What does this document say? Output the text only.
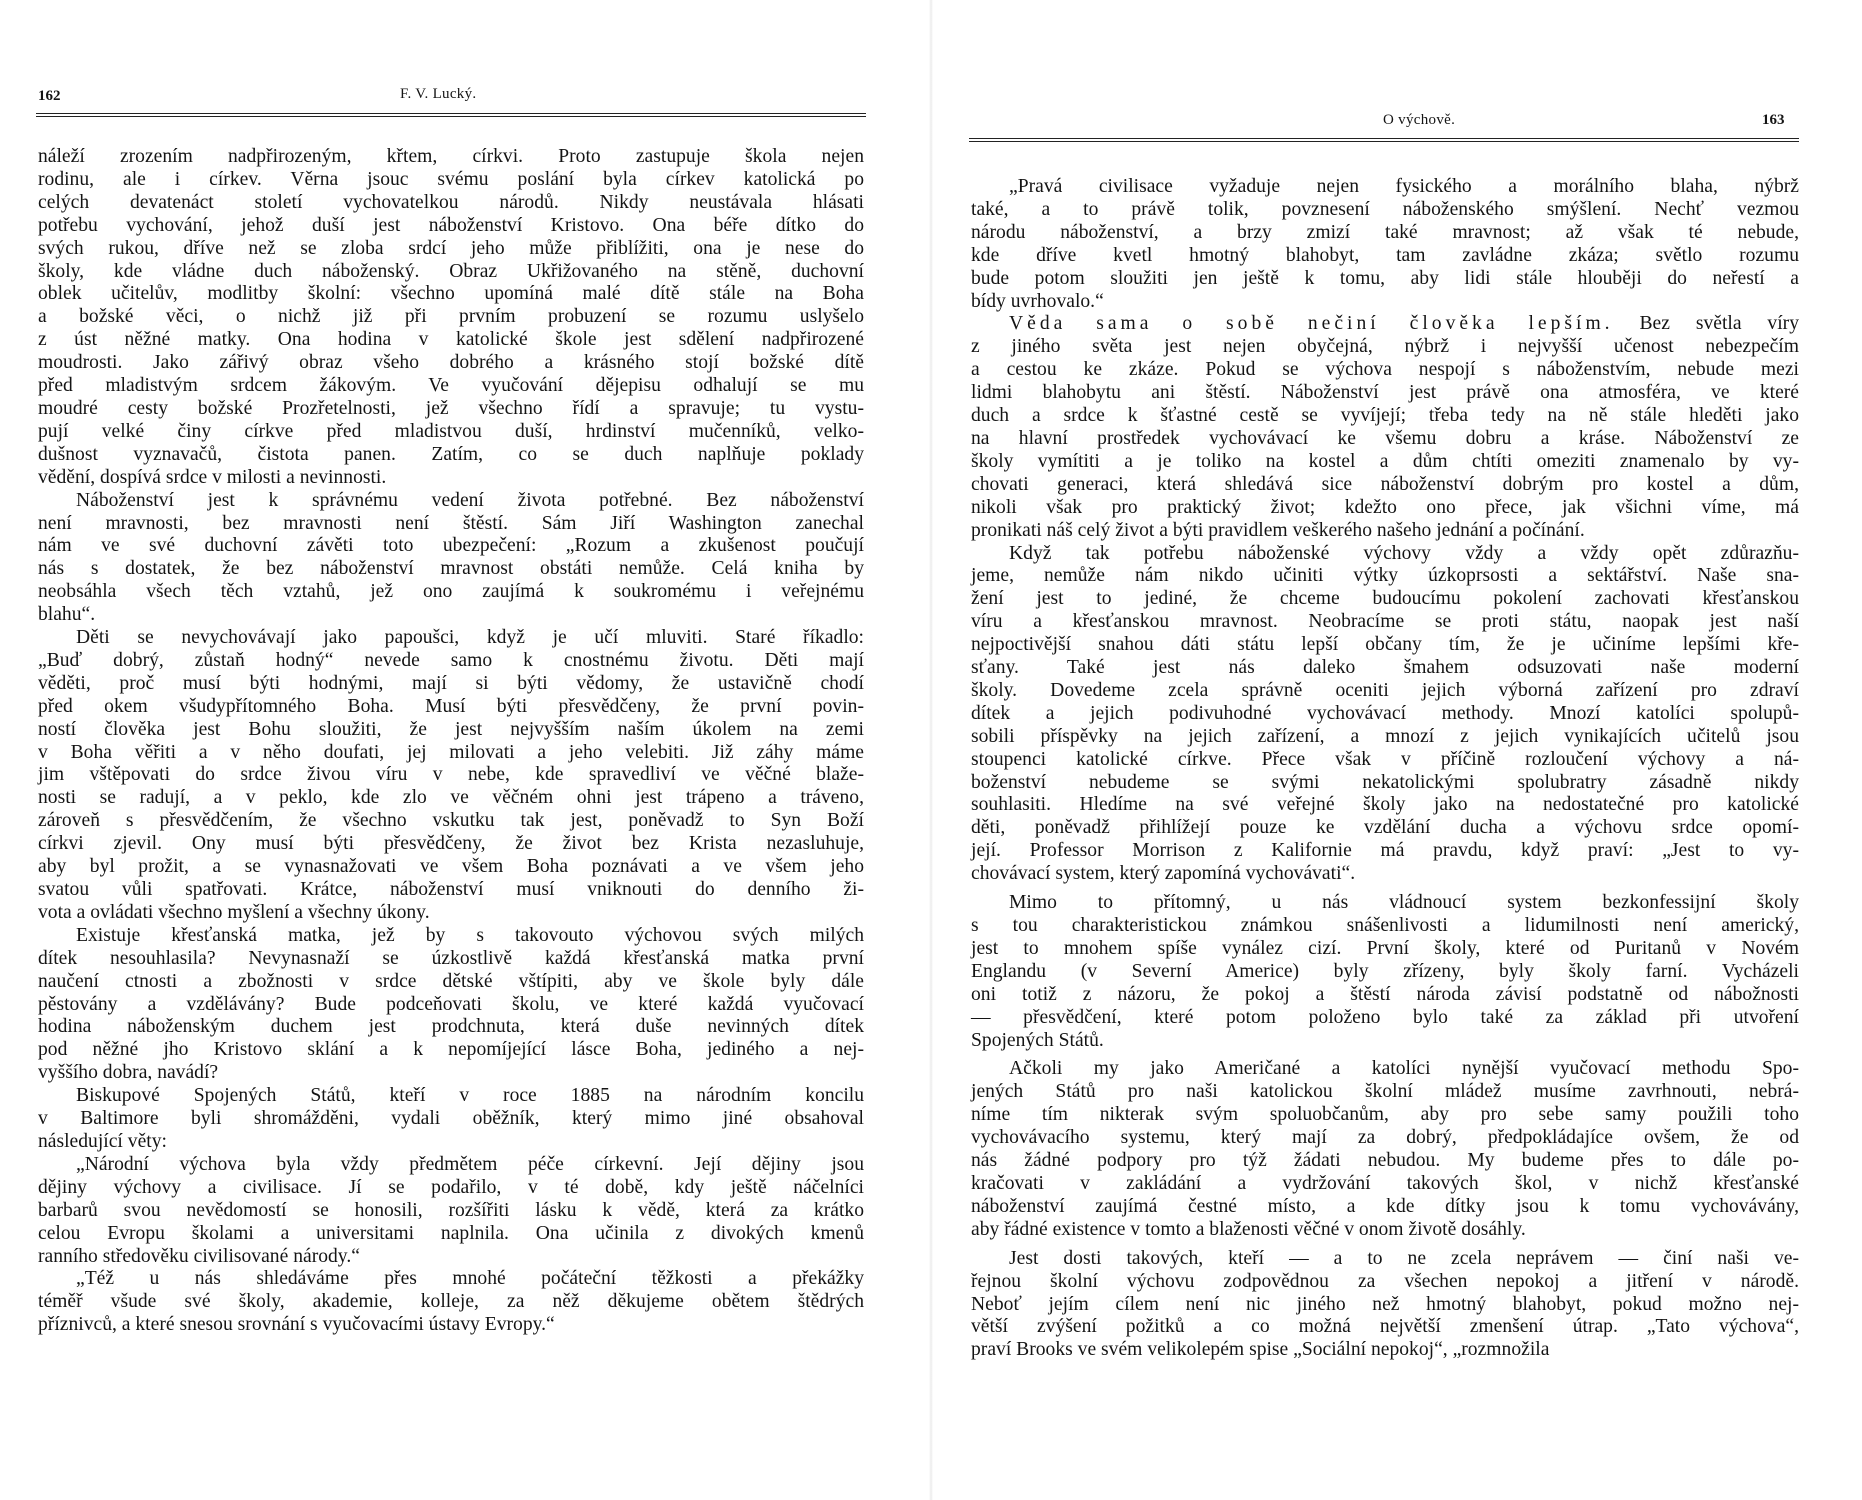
162	F. V. Lucký.
náleží zrozením nadpřirozeným, křtem, církvi. Proto zastupuje škola nejen
rodinu, ale i církev. Věrna jsouc svému poslání byla církev katolická po
celých devatenáct století vychovatelkou národů. Nikdy neustávala hlásati
potřebu vychování, jehož duší jest náboženství Kristovo. Ona béře dítko do
svých rukou, dříve než se zloba srdcí jeho může přiblížiti, ona je nese do
školy, kde vládne duch náboženský. Obraz Ukřižovaného na stěně, duchovní
oblek učitelův, modlitby školní: všechno upomíná malé dítě stále na Boha
a božské věci, o nichž již při prvním probuzení se rozumu uslyšelo
z úst něžné matky. Ona hodina v katolické škole jest sdělení nadpřirozené
moudrosti. Jako zářivý obraz všeho dobrého a krásného stojí božské dítě
před mladistvým srdcem žákovým. Ve vyučování dějepisu odhalují se mu
moudré cesty božské Prozřetelnosti, jež všechno řídí a spravuje; tu vystu-
pují velké činy církve před mladistvou duší, hrdinství mučenníků, velko-
dušnost vyznavačů, čistota panen. Zatím, co se duch naplňuje poklady
vědění, dospívá srdce v milosti a nevinnosti.
Náboženství jest k správnému vedení života potřebné. Bez náboženství
není mravnosti, bez mravnosti není štěstí. Sám Jiří Washington zanechal
nám ve své duchovní závěti toto ubezpečení: „Rozum a zkušenost poučují
nás s dostatek, že bez náboženství mravnost obstáti nemůže. Celá kniha by
neobsáhla všech těch vztahů, jež ono zaujímá k soukromému i veřejnému
blahu“.
Děti se nevychovávají jako papoušci, když je učí mluviti. Staré říkadlo:
„Buď dobrý, zůstaň hodný“ nevede samo k cnostnému životu. Děti mají
věděti, proč musí býti hodnými, mají si býti vědomy, že ustavičně chodí
před okem všudypřítomného Boha. Musí býti přesvědčeny, že první povin-
ností člověka jest Bohu sloužiti, že jest nejvyšším naším úkolem na zemi
v Boha věřiti a v něho doufati, jej milovati a jeho velebiti. Již záhy máme
jim vštěpovati do srdce živou víru v nebe, kde spravedliví ve věčné blaže-
nosti se radují, a v peklo, kde zlo ve věčném ohni jest trápeno a tráveno,
zároveň s přesvědčením, že všechno vskutku tak jest, poněvadž to Syn Boží
církvi zjevil. Ony musí býti přesvědčeny, že život bez Krista nezasluhuje,
aby byl prožit, a se vynasnažovati ve všem Boha poznávati a ve všem jeho
svatou vůli spatřovati. Krátce, náboženství musí vniknouti do denního ži-
vota a ovládati všechno myšlení a všechny úkony.
Existuje křesťanská matka, jež by s takovouto výchovou svých milých
dítek nesouhlasila? Nevynasnaží se úzkostlivě každá křesťanská matka první
naučení ctnosti a zbožnosti v srdce dětské vštípiti, aby ve škole byly dále
pěstovány a vzdělávány? Bude podceňovati školu, ve které každá vyučovací
hodina náboženským duchem jest prodchnuta, která duše nevinných dítek
pod něžné jho Kristovo sklání a k nepomíjející lásce Boha, jediného a nej-
vyššího dobra, navádí?
Biskupové Spojených Států, kteří v roce 1885 na národním koncilu
v Baltimore byli shromážděni, vydali oběžník, který mimo jiné obsahoval
následující věty:
„Národní výchova byla vždy předmětem péče církevní. Její dějiny jsou
dějiny výchovy a civilisace. Jí se podařilo, v té době, kdy ještě náčelníci
barbarů svou nevědomostí se honosili, rozšířiti lásku k vědě, která za krátko
celou Evropu školami a universitami naplnila. Ona učinila z divokých kmenů
ranního středověku civilisované národy.“
„Též u nás shledáváme přes mnohé počáteční těžkosti a překážky
téměř všude své školy, akademie, kolleje, za něž děkujeme obětem štědrých
příznivců, a které snesou srovnání s vyučovacími ústavy Evropy.“
O výchově.	163
„Pravá civilisace vyžaduje nejen fysického a morálního blaha, nýbrž
také, a to právě tolik, povznesení náboženského smýšlení. Nechť vezmou
národu náboženství, a brzy zmizí také mravnost; až však té nebude,
kde dříve kvetl hmotný blahobyt, tam zavládne zkáza; světlo rozumu
bude potom sloužiti jen ještě k tomu, aby lidi stále hlouběji do neřestí a
bídy uvrhovalo.“
Věda sama o sobě nečiní člověka lepším. Bez světla víry
z jiného světa jest nejen obyčejná, nýbrž i nejvyšší učenost nebezpečím
a cestou ke zkáze. Pokud se výchova nespojí s náboženstvím, nebude mezi
lidmi blahobytu ani štěstí. Náboženství jest právě ona atmosféra, ve které
duch a srdce k šťastné cestě se vyvíjejí; třeba tedy na ně stále hleděti jako
na hlavní prostředek vychovávací ke všemu dobru a kráse. Náboženství ze
školy vymítiti a je toliko na kostel a dům chtíti omeziti znamenalo by vy-
chovati generaci, která shledává sice náboženství dobrým pro kostel a dům,
nikoli však pro praktický život; kdežto ono přece, jak všichni víme, má
pronikati náš celý život a býti pravidlem veškerého našeho jednání a počínání.
Když tak potřebu náboženské výchovy vždy a vždy opět zdůrazňu-
jeme, nemůže nám nikdo učiniti výtky úzkoprsosti a sektářství. Naše sna-
žení jest to jediné, že chceme budoucímu pokolení zachovati křesťanskou
víru a křesťanskou mravnost. Neobracíme se proti státu, naopak jest naší
nejpoctivější snahou dáti státu lepší občany tím, že je učiníme lepšími kře-
sťany. Také jest nás daleko šmahem odsuzovati naše moderní
školy. Dovedeme zcela správně oceniti jejich výborná zařízení pro zdraví
dítek a jejich podivuhodné vychovávací methody. Mnozí katolíci spolupů-
sobili příspěvky na jejich zařízení, a mnozí z jejich vynikajících učitelů jsou
stoupenci katolické církve. Přece však v příčině rozloučení výchovy a ná-
boženství nebudeme se svými nekatolickými spolubratry zásadně nikdy
souhlasiti. Hledíme na své veřejné školy jako na nedostatečné pro katolické
děti, poněvadž přihlížejí pouze ke vzdělání ducha a výchovu srdce opomí-
její. Professor Morrison z Kalifornie má pravdu, když praví: „Jest to vy-
chovávací system, který zapomíná vychovávati“.
Mimo to přítomný, u nás vládnoucí system bezkonfessijní školy
s tou charakteristickou známkou snášenlivosti a lidumilnosti není americký,
jest to mnohem spíše vynález cizí. První školy, které od Puritanů v Novém
Englandu (v Severní Americe) byly zřízeny, byly školy farní. Vycházeli
oni totiž z názoru, že pokoj a štěstí národa závisí podstatně od nábožnosti
— přesvědčení, které potom položeno bylo také za základ při utvoření
Spojených Států.
Ačkoli my jako Američané a katolíci nynější vyučovací methodu Spo-
jených Států pro naši katolickou školní mládež musíme zavrhnouti, nebrá-
níme tím nikterak svým spoluobčanům, aby pro sebe samy použili toho
vychovávacího systemu, který mají za dobrý, předpokládajíce ovšem, že od
nás žádné podpory pro týž žádati nebudou. My budeme přes to dále po-
kračovati v zakládání a vydržování takových škol, v nichž křesťanské
náboženství zaujímá čestné místo, a kde dítky jsou k tomu vychovávány,
aby řádné existence v tomto a blaženosti věčné v onom životě dosáhly.
Jest dosti takových, kteří — a to ne zcela neprávem — činí naši ve-
řejnou školní výchovu zodpovědnou za všechen nepokoj a jitření v národě.
Neboť jejím cílem není nic jiného než hmotný blahobyt, pokud možno nej-
větší zvýšení požitků a co možná největší zmenšení útrap. „Tato výchova“,
praví Brooks ve svém velikolepém spise „Sociální nepokoj“, „rozmnožila
